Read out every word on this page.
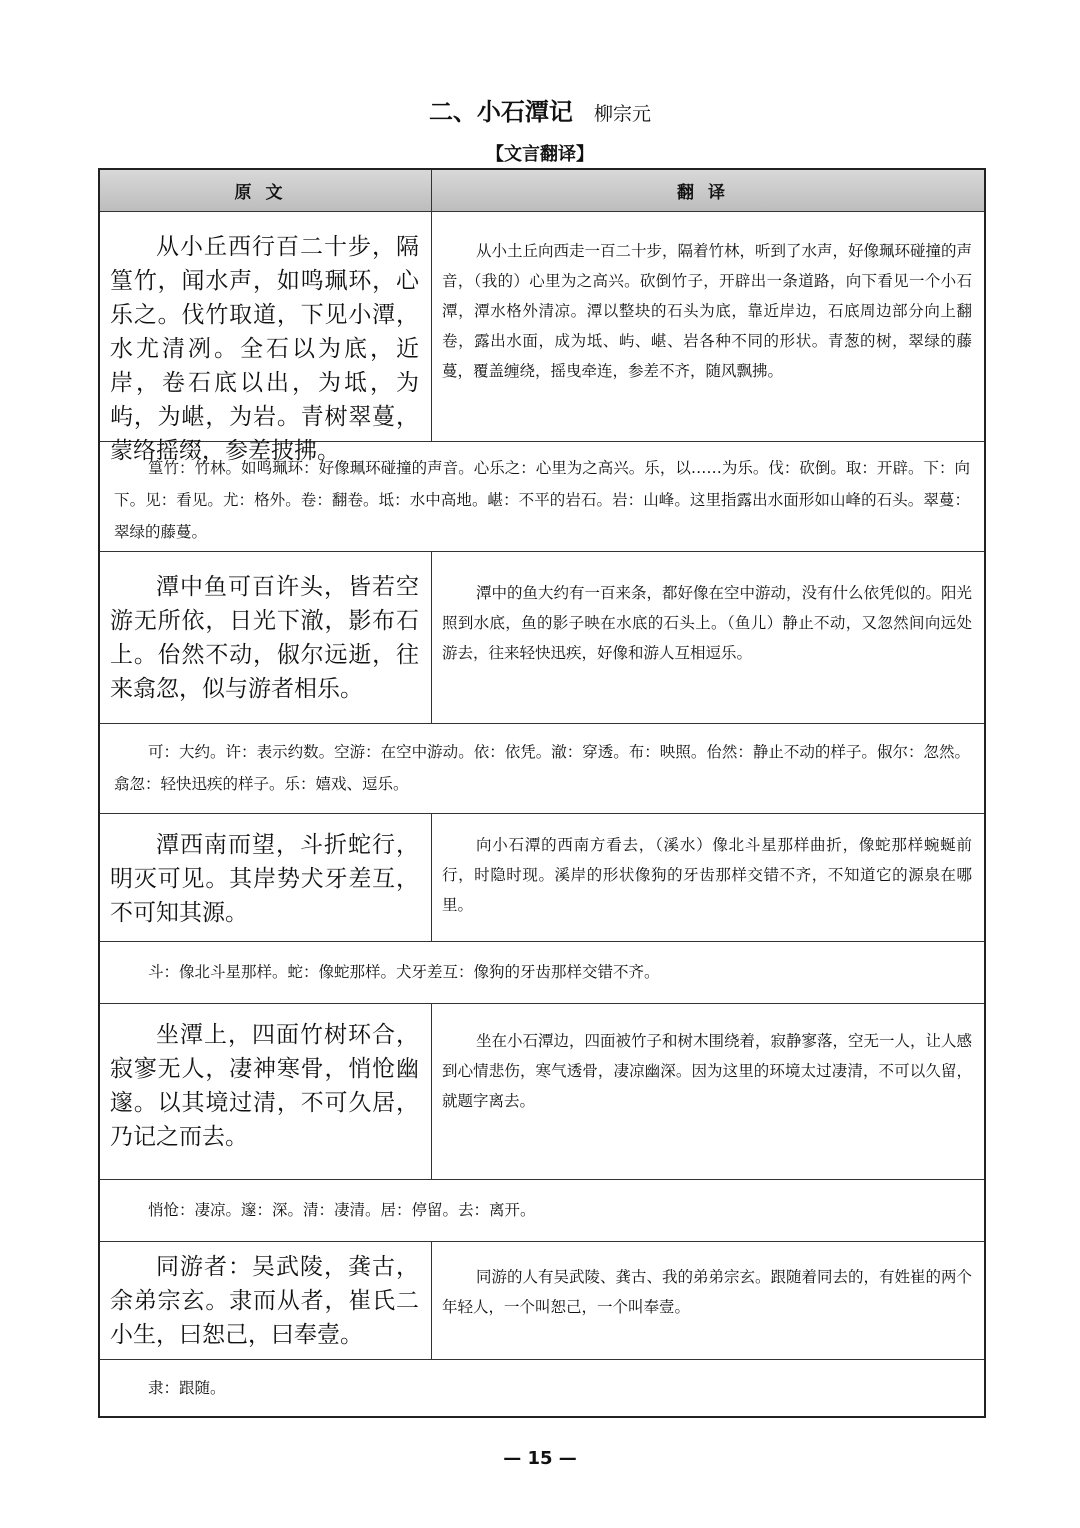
二、小石潭记 柳宗元
【文言翻译】
原文	翻译
从小丘西行百二十步，隔篁竹，闻水声，如鸣珮环，心乐之。伐竹取道，下见小潭，水尤清冽。全石以为底，近岸，卷石底以出，为坻，为屿，为嵁，为岩。青树翠蔓，蒙络摇缀，参差披拂。
从小土丘向西走一百二十步，隔着竹林，听到了水声，好像珮环碰撞的声音，（我的）心里为之高兴。砍倒竹子，开辟出一条道路，向下看见一个小石潭，潭水格外清凉。潭以整块的石头为底，靠近岸边，石底周边部分向上翻卷，露出水面，成为坻、屿、嵁、岩各种不同的形状。青葱的树，翠绿的藤蔓，覆盖缠绕，摇曳牵连，参差不齐，随风飘拂。
篁竹：竹林。如鸣珮环：好像珮环碰撞的声音。心乐之：心里为之高兴。乐，以……为乐。伐：砍倒。取：开辟。下：向下。见：看见。尤：格外。卷：翻卷。坻：水中高地。嵁：不平的岩石。岩：山峰。这里指露出水面形如山峰的石头。翠蔓：翠绿的藤蔓。
潭中鱼可百许头，皆若空游无所依，日光下澈，影布石上。佁然不动，俶尔远逝，往来翕忽，似与游者相乐。
潭中的鱼大约有一百来条，都好像在空中游动，没有什么依凭似的。阳光照到水底，鱼的影子映在水底的石头上。（鱼儿）静止不动，又忽然间向远处游去，往来轻快迅疾，好像和游人互相逗乐。
可：大约。许：表示约数。空游：在空中游动。依：依凭。澈：穿透。布：映照。佁然：静止不动的样子。俶尔：忽然。翕忽：轻快迅疾的样子。乐：嬉戏、逗乐。
潭西南而望，斗折蛇行，明灭可见。其岸势犬牙差互，不可知其源。
向小石潭的西南方看去，（溪水）像北斗星那样曲折，像蛇那样蜿蜒前行，时隐时现。溪岸的形状像狗的牙齿那样交错不齐，不知道它的源泉在哪里。
斗：像北斗星那样。蛇：像蛇那样。犬牙差互：像狗的牙齿那样交错不齐。
坐潭上，四面竹树环合，寂寥无人，凄神寒骨，悄怆幽邃。以其境过清，不可久居，乃记之而去。
坐在小石潭边，四面被竹子和树木围绕着，寂静寥落，空无一人，让人感到心情悲伤，寒气透骨，凄凉幽深。因为这里的环境太过凄清，不可以久留，就题字离去。
悄怆：凄凉。邃：深。清：凄清。居：停留。去：离开。
同游者：吴武陵，龚古，余弟宗玄。隶而从者，崔氏二小生，曰恕己，曰奉壹。
同游的人有吴武陵、龚古、我的弟弟宗玄。跟随着同去的，有姓崔的两个年轻人，一个叫恕己，一个叫奉壹。
隶：跟随。
— 15 —
